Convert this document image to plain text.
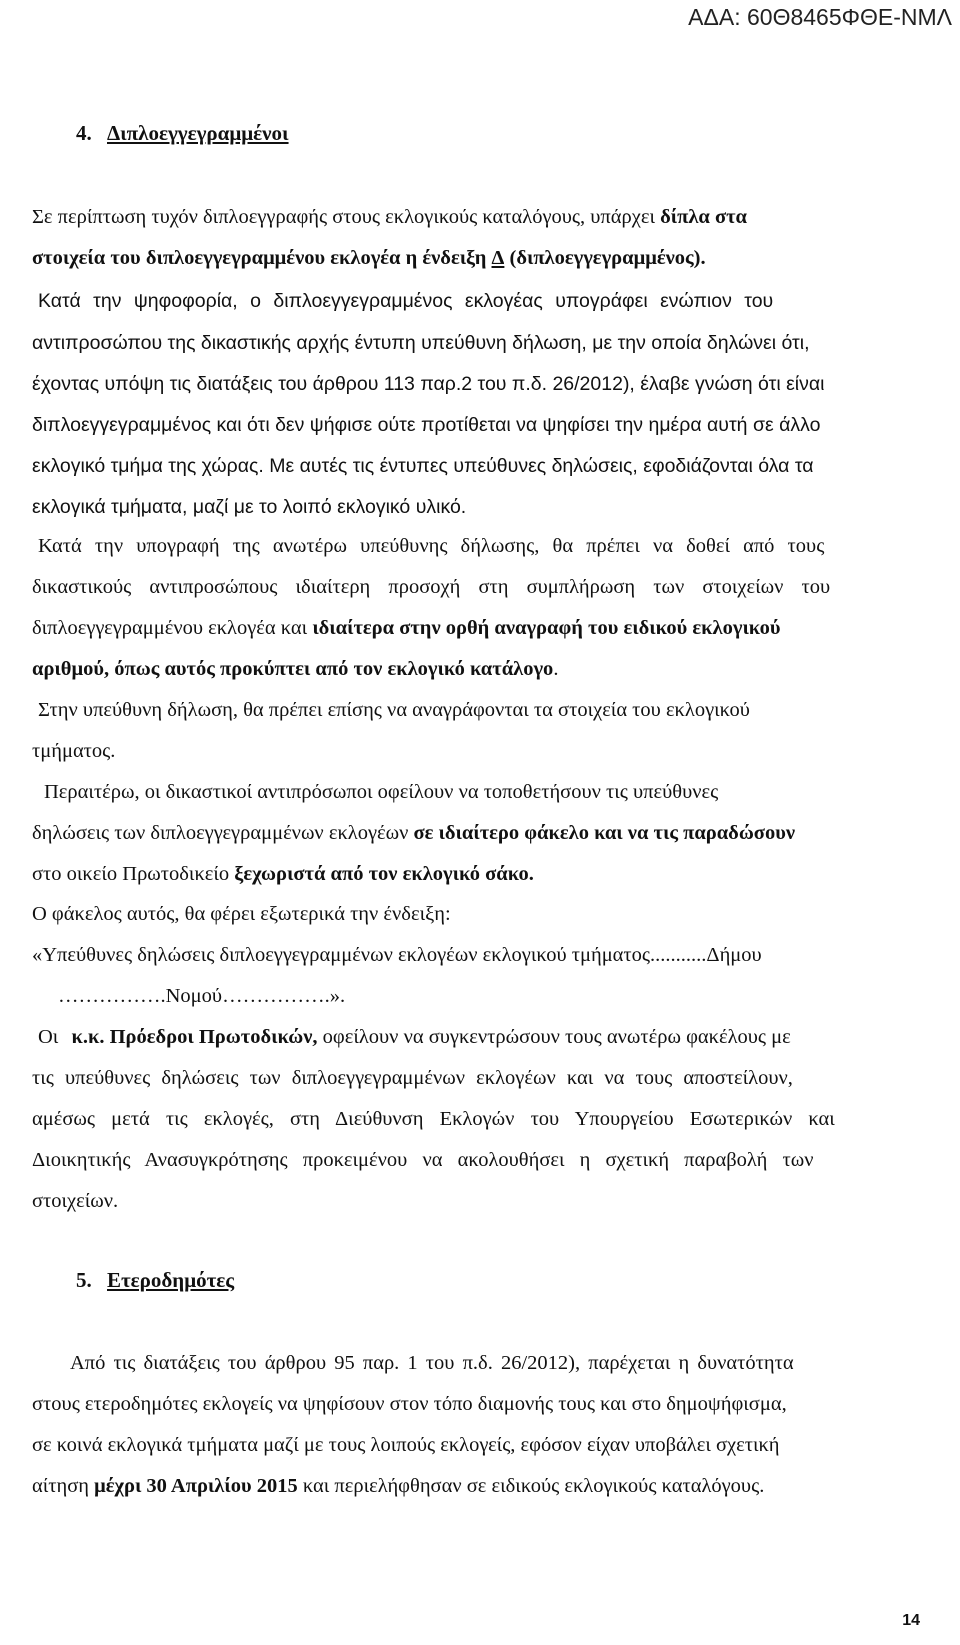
ΑΔΑ: 60Θ8465ΦΘΕ-ΝΜΛ
4. Διπλοεγγεγραμμένοι
Σε περίπτωση τυχόν διπλοεγγραφής στους εκλογικούς καταλόγους, υπάρχει δίπλα στα
στοιχεία του διπλοεγγεγραμμένου εκλογέα η ένδειξη Δ (διπλοεγγεγραμμένος).
Κατά την ψηφοφορία, ο διπλοεγγεγραμμένος εκλογέας υπογράφει ενώπιον του
αντιπροσώπου της δικαστικής αρχής έντυπη υπεύθυνη δήλωση, με την οποία δηλώνει ότι,
έχοντας υπόψη τις διατάξεις του άρθρου 113 παρ.2 του π.δ. 26/2012), έλαβε γνώση ότι είναι
διπλοεγγεγραμμένος και ότι δεν ψήφισε ούτε προτίθεται να ψηφίσει την ημέρα αυτή σε άλλο
εκλογικό τμήμα της χώρας. Με αυτές τις έντυπες υπεύθυνες δηλώσεις, εφοδιάζονται όλα τα
εκλογικά τμήματα, μαζί με το λοιπό εκλογικό υλικό.
Κατά την υπογραφή της ανωτέρω υπεύθυνης δήλωσης, θα πρέπει να δοθεί από τους
δικαστικούς αντιπροσώπους ιδιαίτερη προσοχή στη συμπλήρωση των στοιχείων του
διπλοεγγεγραμμένου εκλογέα και ιδιαίτερα στην ορθή αναγραφή του ειδικού εκλογικού
αριθμού, όπως αυτός προκύπτει από τον εκλογικό κατάλογο.
Στην υπεύθυνη δήλωση, θα πρέπει επίσης να αναγράφονται τα στοιχεία του εκλογικού
τμήματος.
Περαιτέρω, οι δικαστικοί αντιπρόσωποι οφείλουν να τοποθετήσουν τις υπεύθυνες
δηλώσεις των διπλοεγγεγραμμένων εκλογέων σε ιδιαίτερο φάκελο και να τις παραδώσουν
στο οικείο Πρωτοδικείο ξεχωριστά από τον εκλογικό σάκο.
Ο φάκελος αυτός, θα φέρει εξωτερικά την ένδειξη:
«Υπεύθυνες δηλώσεις διπλοεγγεγραμμένων εκλογέων εκλογικού τμήματος...........Δήμου
…………….Νομού…………….».
Οι κ.κ. Πρόεδροι Πρωτοδικών, οφείλουν να συγκεντρώσουν τους ανωτέρω φακέλους με
τις υπεύθυνες δηλώσεις των διπλοεγγεγραμμένων εκλογέων και να τους αποστείλουν,
αμέσως μετά τις εκλογές, στη Διεύθυνση Εκλογών του Υπουργείου Εσωτερικών και
Διοικητικής Ανασυγκρότησης προκειμένου να ακολουθήσει η σχετική παραβολή των
στοιχείων.
5. Ετεροδημότες
Από τις διατάξεις του άρθρου 95 παρ. 1 του π.δ. 26/2012), παρέχεται η δυνατότητα
στους ετεροδημότες εκλογείς να ψηφίσουν στον τόπο διαμονής τους και στο δημοψήφισμα,
σε κοινά εκλογικά τμήματα μαζί με τους λοιπούς εκλογείς, εφόσον είχαν υποβάλει σχετική
αίτηση μέχρι 30 Απριλίου 2015 και περιελήφθησαν σε ειδικούς εκλογικούς καταλόγους.
14
